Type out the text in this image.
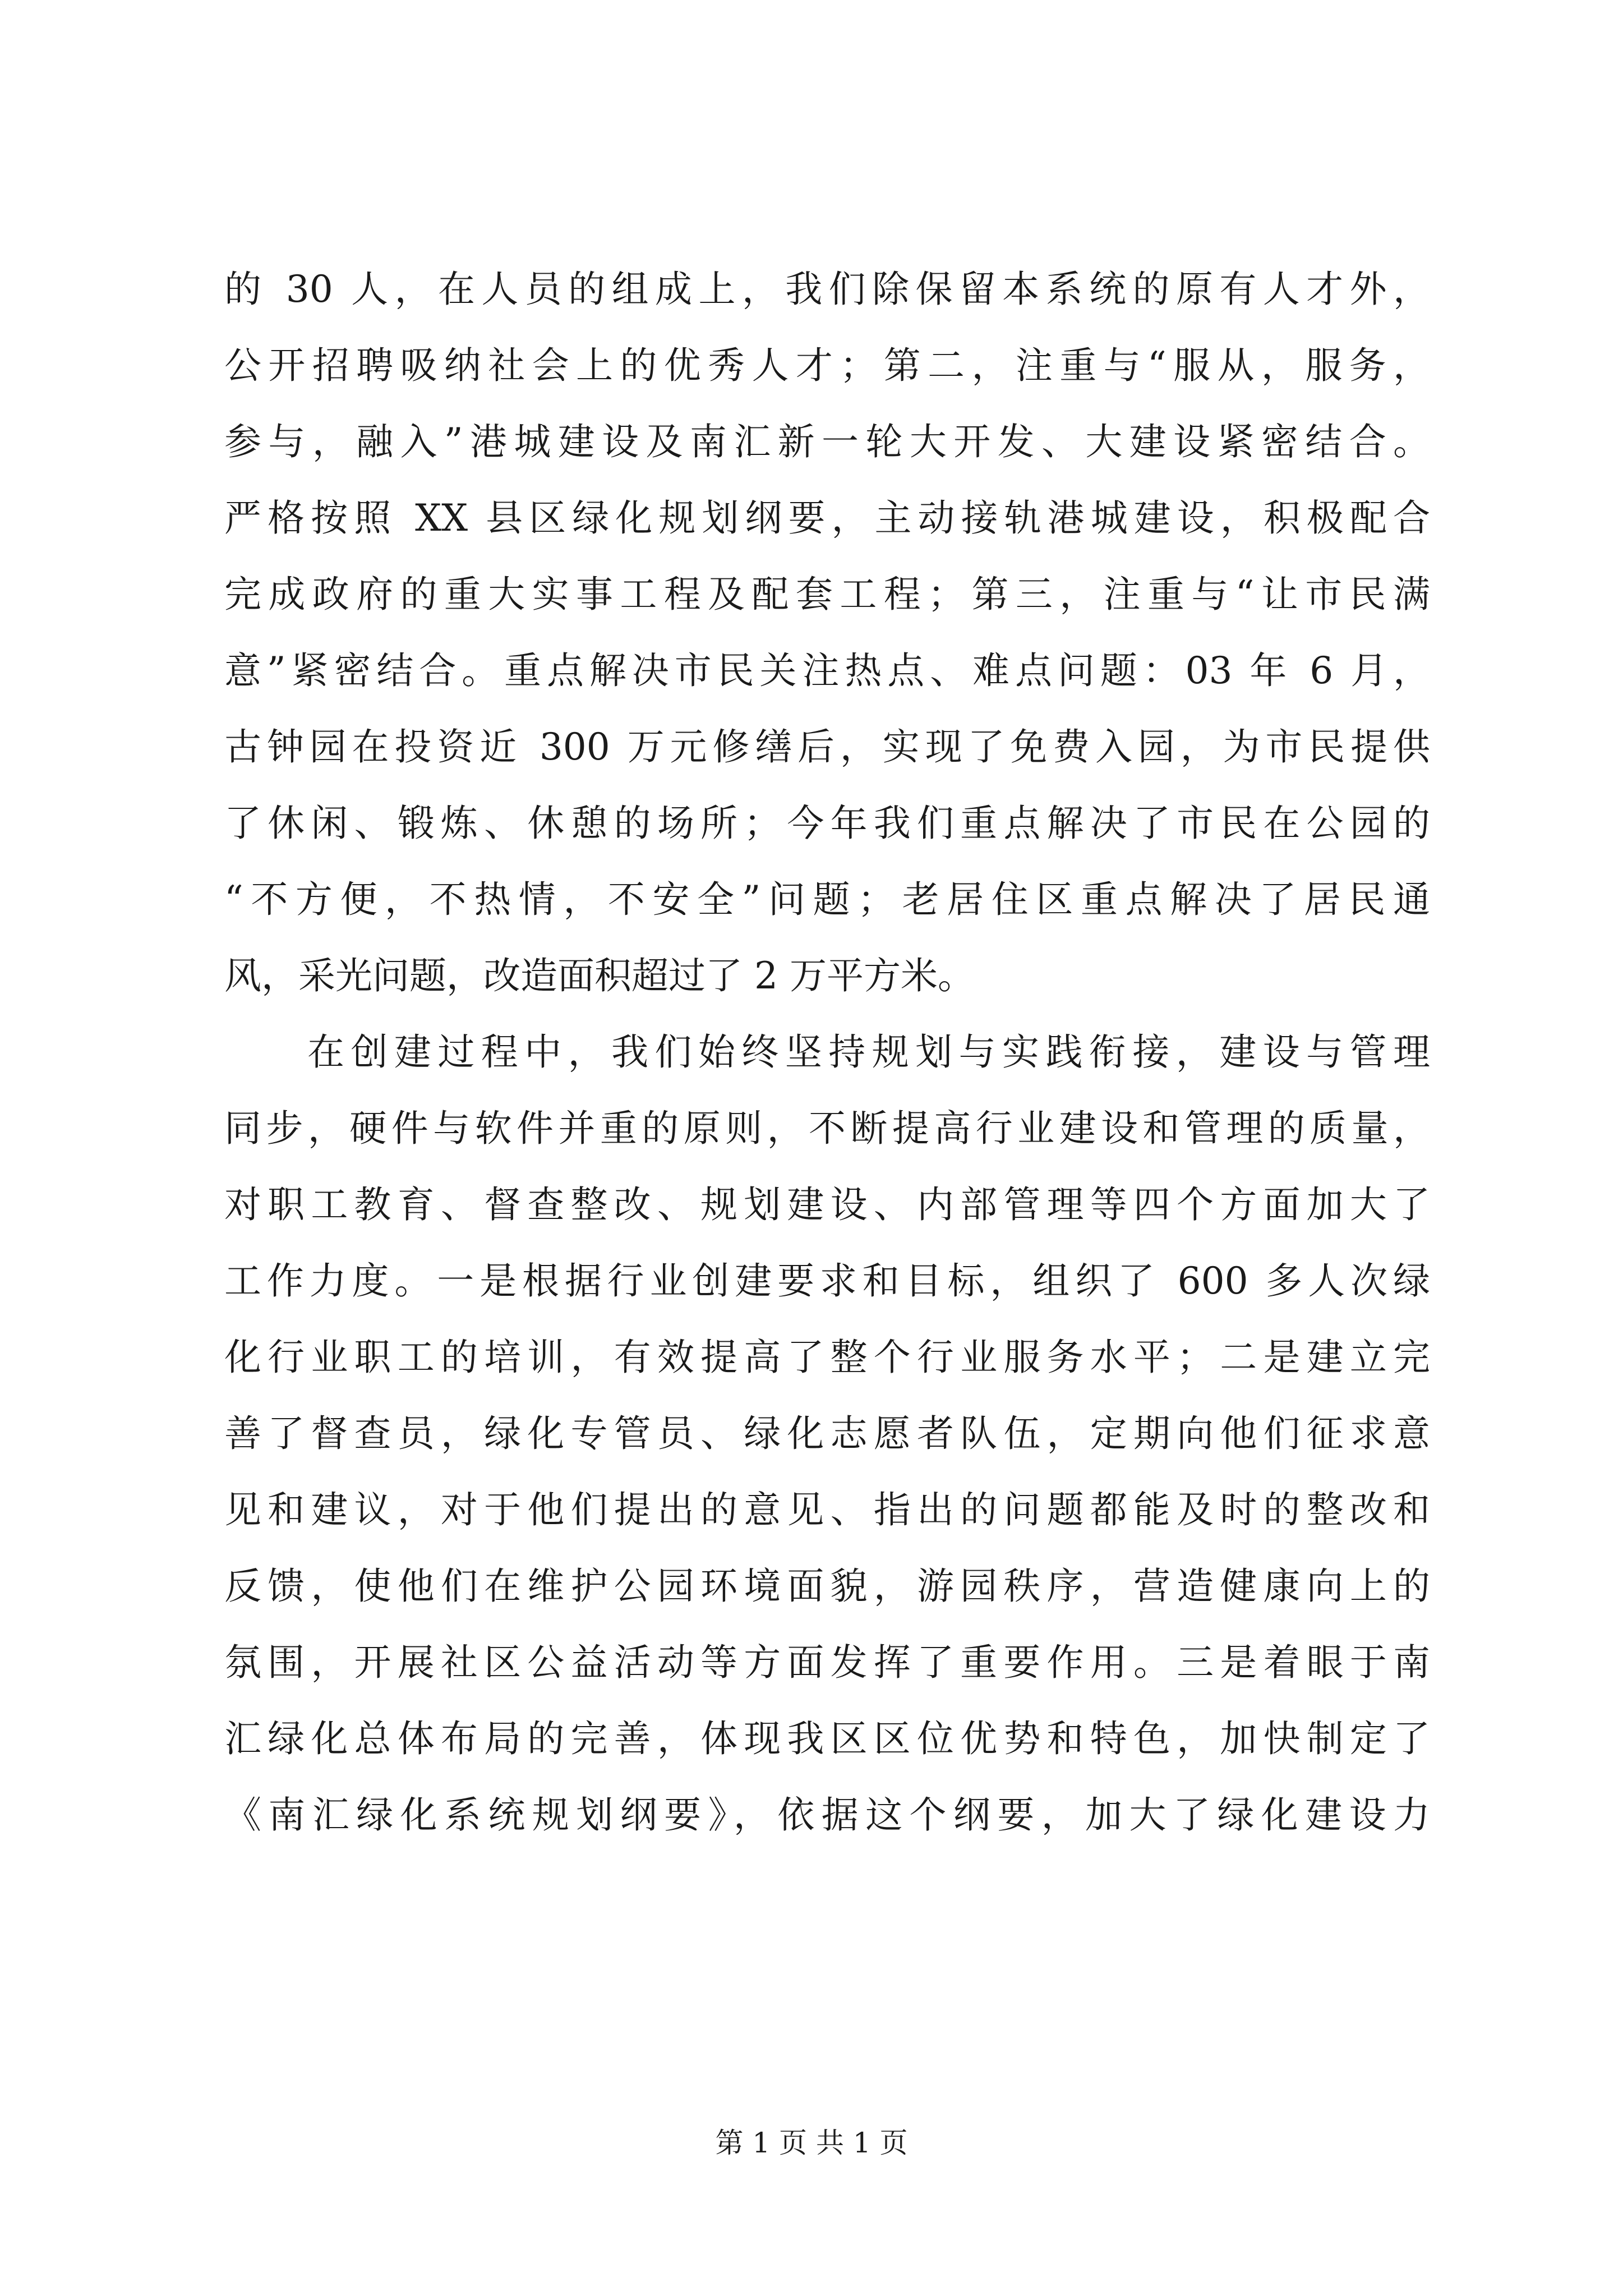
的 30 人，在人员的组成上，我们除保留本系统的原有人才外，
公开招聘吸纳社会上的优秀人才；第二，注重与“服从，服务，
参与，融入”港城建设及南汇新一轮大开发、大建设紧密结合。
严格按照 XX 县区绿化规划纲要，主动接轨港城建设，积极配合
完成政府的重大实事工程及配套工程；第三，注重与“让市民满
意”紧密结合。重点解决市民关注热点、难点问题：03 年 6 月，
古钟园在投资近 300 万元修缮后，实现了免费入园，为市民提供
了休闲、锻炼、休憩的场所；今年我们重点解决了市民在公园的
“不方便，不热情，不安全”问题；老居住区重点解决了居民通
风，采光问题，改造面积超过了 2 万平方米。
在创建过程中，我们始终坚持规划与实践衔接，建设与管理
同步，硬件与软件并重的原则，不断提高行业建设和管理的质量，
对职工教育、督查整改、规划建设、内部管理等四个方面加大了
工作力度。一是根据行业创建要求和目标，组织了 600 多人次绿
化行业职工的培训，有效提高了整个行业服务水平；二是建立完
善了督查员，绿化专管员、绿化志愿者队伍，定期向他们征求意
见和建议，对于他们提出的意见、指出的问题都能及时的整改和
反馈，使他们在维护公园环境面貌，游园秩序，营造健康向上的
氛围，开展社区公益活动等方面发挥了重要作用。三是着眼于南
汇绿化总体布局的完善，体现我区区位优势和特色，加快制定了
《南汇绿化系统规划纲要》，依据这个纲要，加大了绿化建设力
第 1 页 共 1 页
